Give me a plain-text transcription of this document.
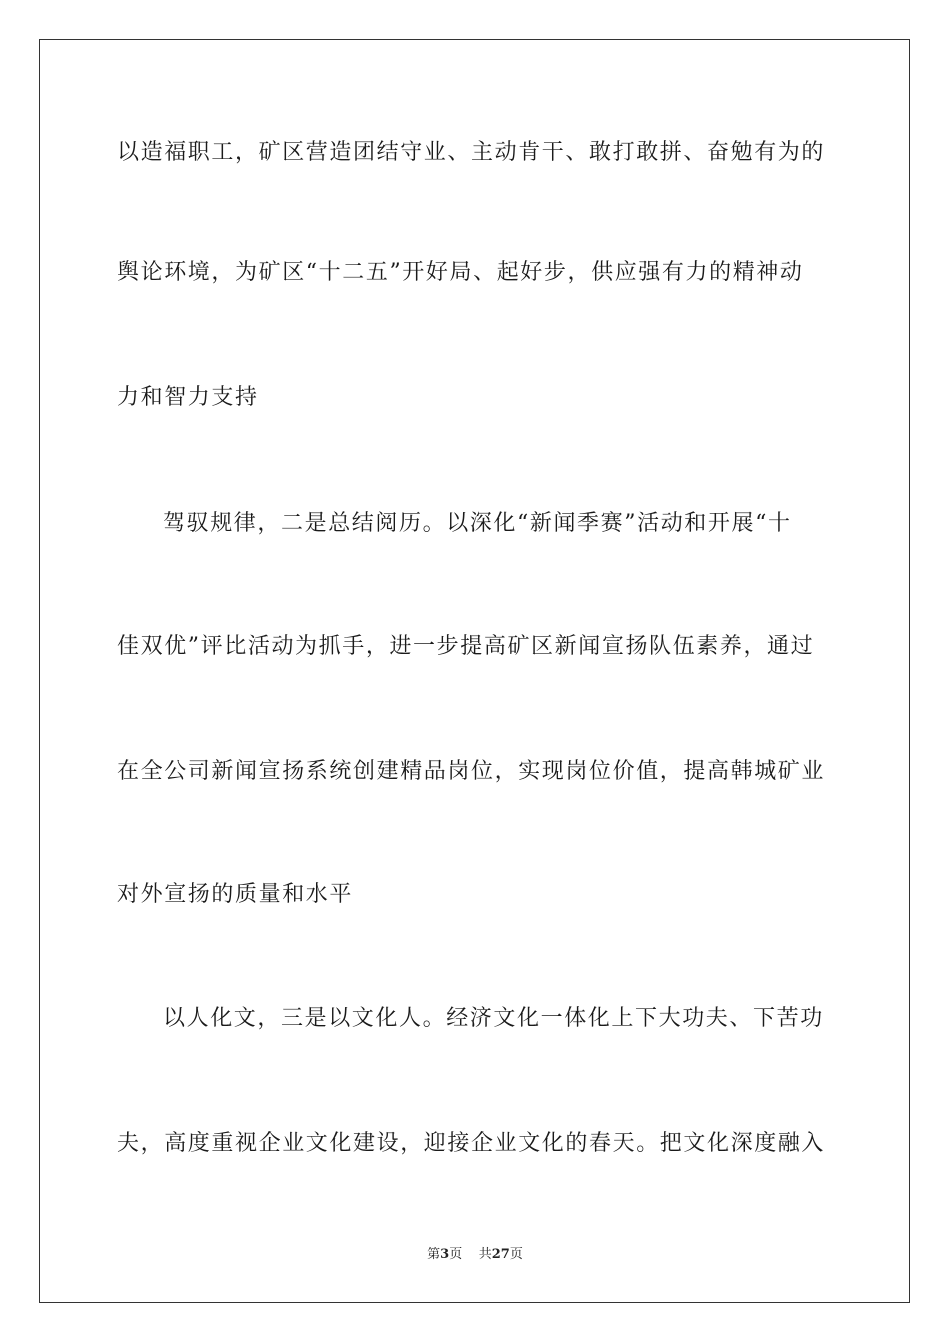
以造福职工，矿区营造团结守业、主动肯干、敢打敢拼、奋勉有为的
舆论环境，为矿区“十二五”开好局、起好步，供应强有力的精神动
力和智力支持
驾驭规律，二是总结阅历。以深化“新闻季赛”活动和开展“十
佳双优”评比活动为抓手，进一步提高矿区新闻宣扬队伍素养，通过
在全公司新闻宣扬系统创建精品岗位，实现岗位价值，提高韩城矿业
对外宣扬的质量和水平
以人化文，三是以文化人。经济文化一体化上下大功夫、下苦功
夫，高度重视企业文化建设，迎接企业文化的春天。把文化深度融入
第3页 共27页
